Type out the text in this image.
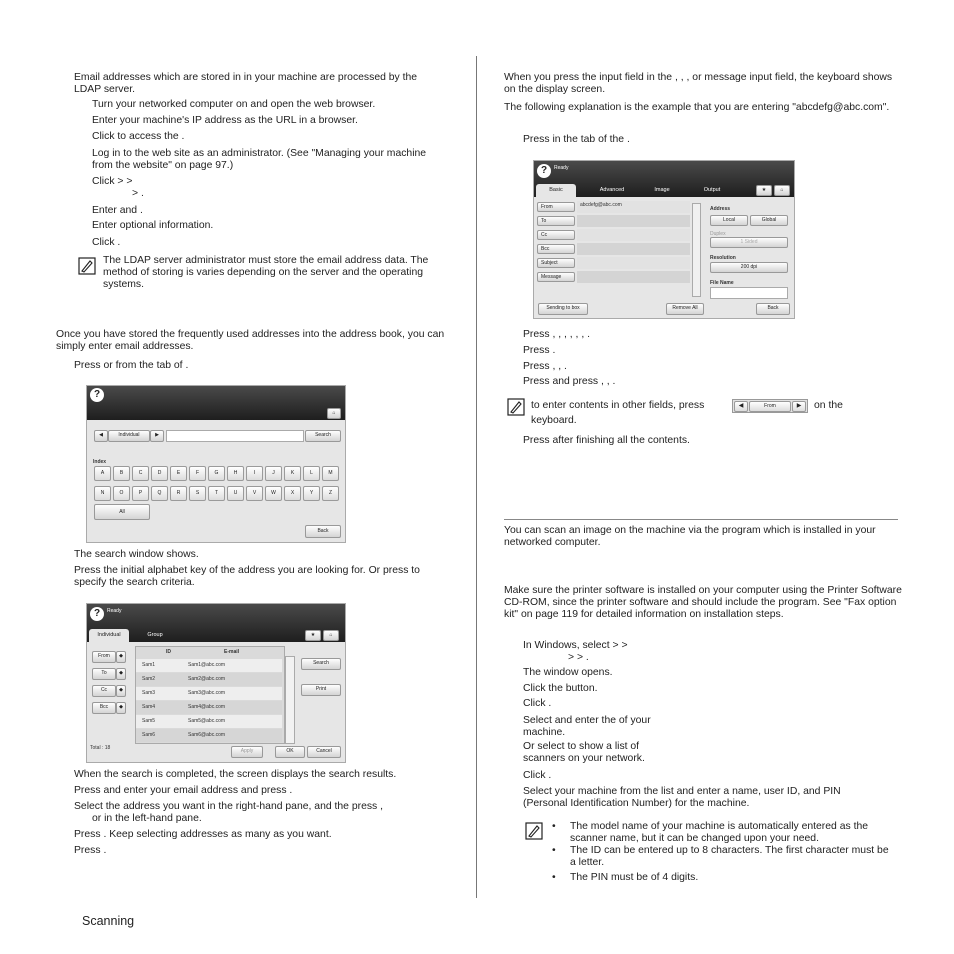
Email addresses which are stored in in your machine are processed by the LDAP server.
Turn your networked computer on and open the web browser.
Enter your machine's IP address as the URL in a browser.
Click to access the .
Log in to the web site as an administrator. (See "Managing your machine from the website" on page 97.)
Click > >
> .
Enter and .
Enter optional information.
Click .
The LDAP server administrator must store the email address data. The method of storing is varies depending on the server and the operating systems.
Once you have stored the frequently used addresses into the address book, you can simply enter email addresses.
Press or from the tab of .
?
⌂
◀	Individual	▶	Search
Index
A	B	C	D	E	F	G	H	I	J	K	L	M
N	O	P	Q	R	S	T	U	V	W	X	Y	Z
All
Back
The search window shows.
Press the initial alphabet key of the address you are looking for. Or press to specify the search criteria.
?	Ready
Individual	Group	★	⌂
From	◆
To	◆
Cc	◆
Bcc	◆
ID	E-mail
Sam1	Sam1@abc.com
Sam2	Sam2@abc.com
Sam3	Sam3@abc.com
Sam4	Sam4@abc.com
Sam5	Sam5@abc.com
Sam6	Sam6@abc.com
Search
Print
Total : 18	Apply	OK	Cancel
When the search is completed, the screen displays the search results.
Press and enter your email address and press .
Select the address you want in the right-hand pane, and the press ,
or in the left-hand pane.
Press . Keep selecting addresses as many as you want.
Press .
Scanning
When you press the input field in the , , , or message input field, the keyboard shows on the display screen.
The following explanation is the example that you are entering "abcdefg@abc.com".
Press in the tab of the .
?	Ready
Basic	Advanced	Image	Output	★	⌂
From
To
Cc
Bcc
Subject
Message
Address
Local	Global
Duplex
1 Sided
Resolution
200 dpi
File Name
Sending to box	Remove All	Back
abcdefg@abc.com
Press , , , , , , .
Press .
Press , , .
Press and press , , .
to enter contents in other fields, press	◀	From	▶	on the
keyboard.
Press after finishing all the contents.
You can scan an image on the machine via the program which is installed in your networked computer.
Make sure the printer software is installed on your computer using the Printer Software CD-ROM, since the printer software and should include the program. See "Fax option kit" on page 119 for detailed information on installation steps.
In Windows, select > >
> > .
The window opens.
Click the button.
Click .
Select and enter the of your
machine.
Or select to show a list of
scanners on your network.
Click .
Select your machine from the list and enter a name, user ID, and PIN
(Personal Identification Number) for the machine.
• The model name of your machine is automatically entered as the scanner name, but it can be changed upon your need.
• The ID can be entered up to 8 characters. The first character must be a letter.
• The PIN must be of 4 digits.
